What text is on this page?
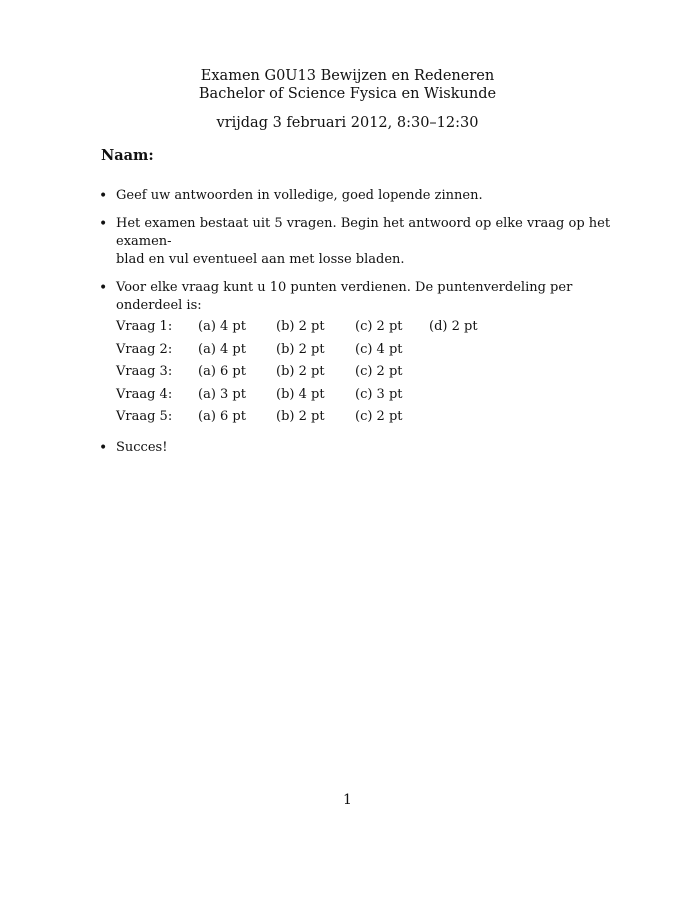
Examen G0U13 Bewijzen en Redeneren
Bachelor of Science Fysica en Wiskunde
vrijdag 3 februari 2012, 8:30–12:30
Naam:
• Geef uw antwoorden in volledige, goed lopende zinnen.
• Het examen bestaat uit 5 vragen. Begin het antwoord op elke vraag op het examen-
blad en vul eventueel aan met losse bladen.
• Voor elke vraag kunt u 10 punten verdienen. De puntenverdeling per onderdeel is:
Vraag 1:	(a) 4 pt	(b) 2 pt	(c) 2 pt	(d) 2 pt
Vraag 2:	(a) 4 pt	(b) 2 pt	(c) 4 pt	
Vraag 3:	(a) 6 pt	(b) 2 pt	(c) 2 pt	
Vraag 4:	(a) 3 pt	(b) 4 pt	(c) 3 pt	
Vraag 5:	(a) 6 pt	(b) 2 pt	(c) 2 pt	
• Succes!
1
